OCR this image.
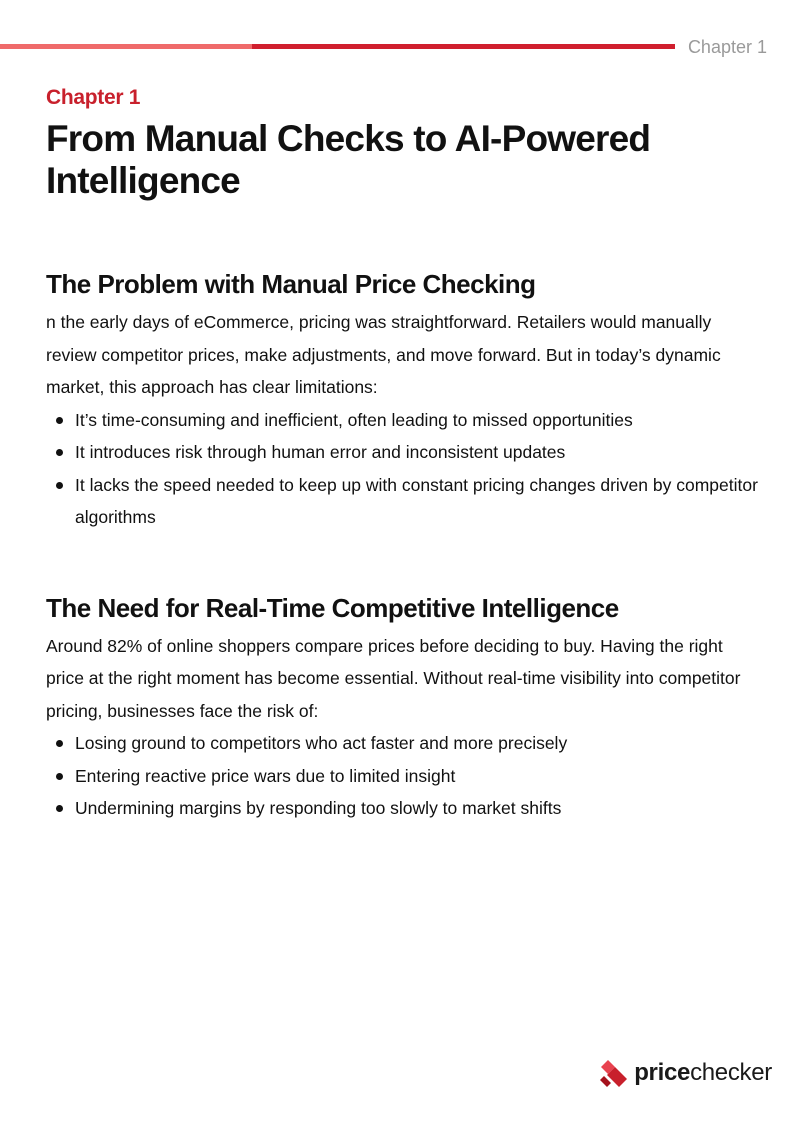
Chapter 1

Chapter 1

From Manual Checks to AI-Powered Intelligence
The Problem with Manual Price Checking

n the early days of eCommerce, pricing was straightforward. Retailers would manually review competitor prices, make adjustments, and move forward. But in today’s dynamic market, this approach has clear limitations:

It’s time-consuming and inefficient, often leading to missed opportunities
It introduces risk through human error and inconsistent updates
It lacks the speed needed to keep up with constant pricing changes driven by competitor algorithms
The Need for Real-Time Competitive Intelligence

Around 82% of online shoppers compare prices before deciding to buy. Having the right price at the right moment has become essential. Without real-time visibility into competitor pricing, businesses face the risk of:

Losing ground to competitors who act faster and more precisely
Entering reactive price wars due to limited insight
Undermining margins by responding too slowly to market shifts
pricechecker
